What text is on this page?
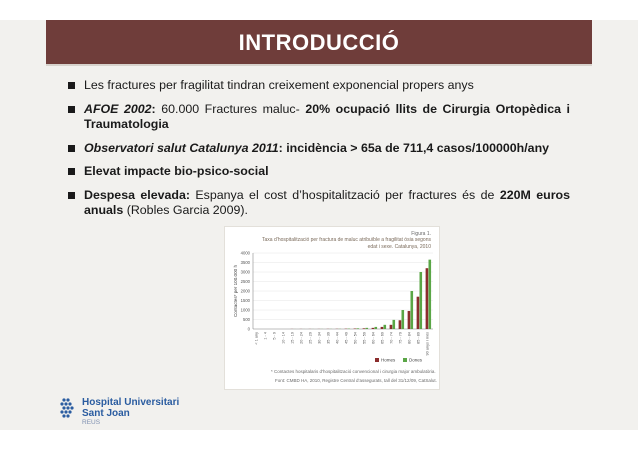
INTRODUCCIÓ
Les fractures per fragilitat tindran creixement exponencial propers anys
AFOE 2002: 60.000 Fractures maluc- 20% ocupació llits de Cirurgia Ortopèdica i Traumatologia
Observatori salut Catalunya 2011: incidència > 65a de 711,4 casos/100000h/any
Elevat impacte bio-psico-social
Despesa elevada: Espanya el cost d’hospitalització per fractures és de 220M euros anuals (Robles Garcia 2009).
Figura 1.
Taxa d’hospitalització per fractura de maluc atribuïble a fragilitat ósia segons
edat i sexe. Catalunya, 2010
0
500
1000
1500
2000
2500
3000
3500
4000
Contactes* per 100.000 h
< 1 any 1 - 4 5 - 9 10 - 14 15 - 19 20 - 24 25 - 29 30 - 34 35 - 39 40 - 44 45 - 49 50 - 54 55 - 59 60 - 64 65 - 69 70 - 74 75 - 79 80 - 84 85 - 89 90 anys i més
Homes	Dones
* Contactes hospitalaris d’hospitalització convencional i cirurgia major ambulatòria.
Font: CMBD HA, 2010, Registre Central d’assegurats, tall del 31/12/09, CatSalut.
Hospital Universitari
Sant Joan
REUS
